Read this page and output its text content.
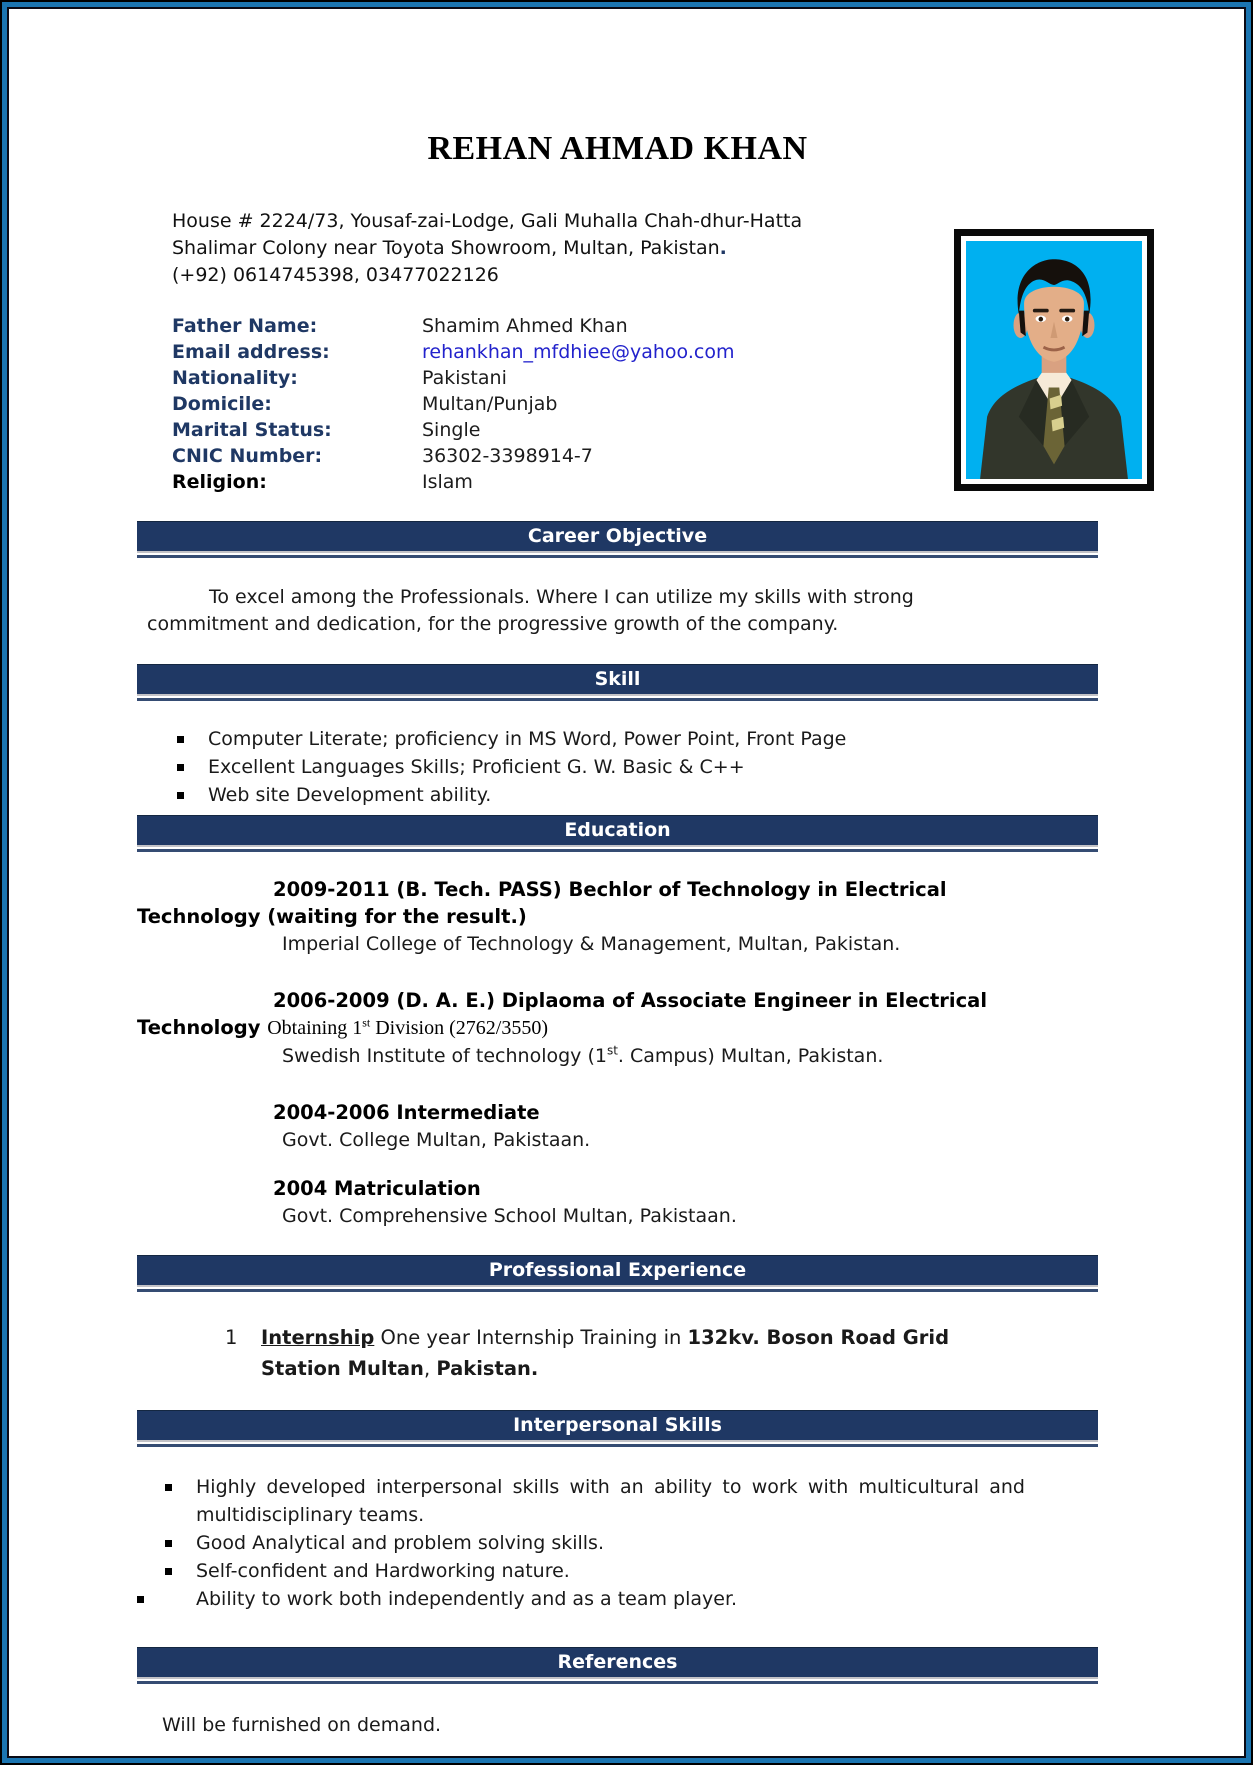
REHAN AHMAD KHAN
House # 2224/73, Yousaf-zai-Lodge, Gali Muhalla Chah-dhur-Hatta
Shalimar Colony near Toyota Showroom, Multan, Pakistan.
(+92) 0614745398, 03477022126
Father Name:	Shamim Ahmed Khan
Email address:	rehankhan_mfdhiee@yahoo.com
Nationality:	Pakistani
Domicile:	Multan/Punjab
Marital Status:	Single
CNIC Number:	36302-3398914-7
Religion:	Islam
Career Objective

To excel among the Professionals. Where I can utilize my skills with strong commitment and dedication, for the progressive growth of the company.

Skill
Computer Literate; proficiency in MS Word, Power Point, Front Page
Excellent Languages Skills; Proficient G. W. Basic & C++
Web site Development ability.
Education
2009-2011 (B. Tech. PASS) Bechlor of Technology in Electrical Technology (waiting for the result.)
Imperial College of Technology & Management, Multan, Pakistan.
2006-2009 (D. A. E.) Diplaoma of Associate Engineer in Electrical Technology Obtaining 1st Division (2762/3550)
Swedish Institute of technology (1st. Campus) Multan, Pakistan.
2004-2006 Intermediate
Govt. College Multan, Pakistaan.
2004 Matriculation
Govt. Comprehensive School Multan, Pakistaan.
Professional Experience
1	Internship One year Internship Training in 132kv. Boson Road Grid Station Multan, Pakistan.
Interpersonal Skills
Highly developed interpersonal skills with an ability to work with multicultural and multidisciplinary teams.
Good Analytical and problem solving skills.
Self-confident and Hardworking nature.
Ability to work both independently and as a team player.
References

Will be furnished on demand.
